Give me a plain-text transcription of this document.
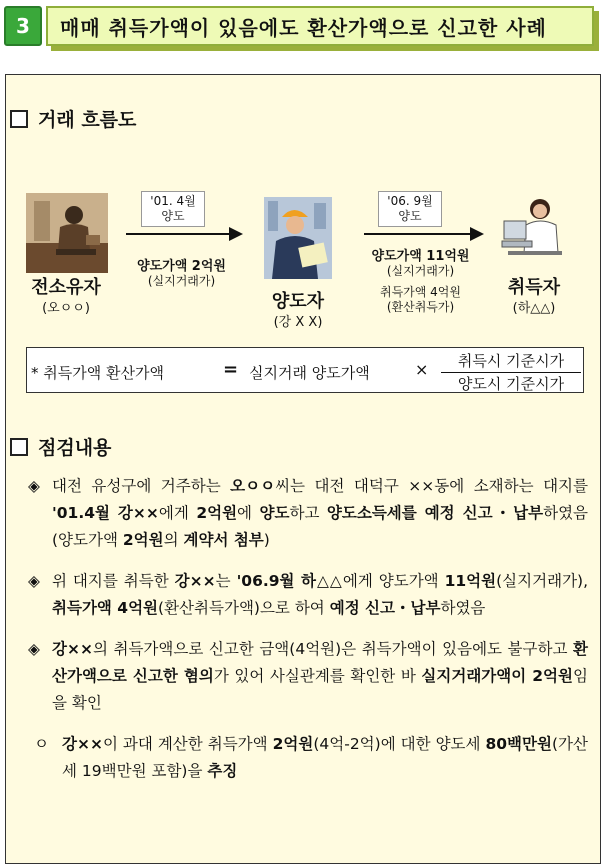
3	매매 취득가액이 있음에도 환산가액으로 신고한 사례
거래 흐름도
전소유자
(오ㅇㅇ)
'01. 4월
양도
양도가액 2억원
(실지거래가)
양도자
(강 X X)
'06. 9월
양도
양도가액 11억원
(실지거래가)
취득가액 4억원
(환산취득가)
취득자
(하△△)
* 취득가액 환산가액	= 실지거래 양도가액	×	취득시 기준시가
양도시 기준시가
점검내용
◈ 대전 유성구에 거주하는 오ㅇㅇ씨는 대전 대덕구 ××동에 소재하는 대지를 '01.4월 강××에게 2억원에 양도하고 양도소득세를 예정 신고・납부하였음(양도가액 2억원의 계약서 첨부)
◈ 위 대지를 취득한 강××는 '06.9월 하△△에게 양도가액 11억원(실지거래가), 취득가액 4억원(환산취득가액)으로 하여 예정 신고・납부하였음
◈ 강××의 취득가액으로 신고한 금액(4억원)은 취득가액이 있음에도 불구하고 환산가액으로 신고한 혐의가 있어 사실관계를 확인한 바 실지거래가액이 2억원임을 확인
ㅇ 강××이 과대 계산한 취득가액 2억원(4억-2억)에 대한 양도세 80백만원(가산세 19백만원 포함)을 추징
